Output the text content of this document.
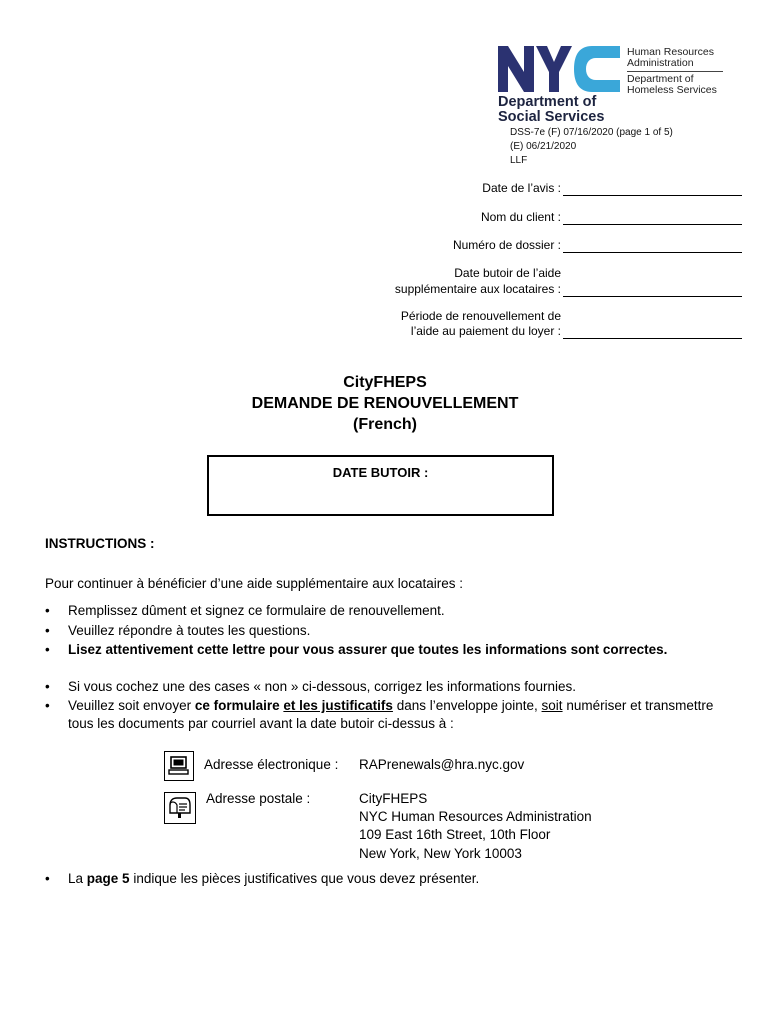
Human Resources
Administration
Department of
Homeless Services
Department of
Social Services
DSS-7e (F) 07/16/2020 (page 1 of 5)
(E) 06/21/2020
LLF
Date de l’avis :
Nom du client :
Numéro de dossier :
Date butoir de l’aide
supplémentaire aux locataires :
Période de renouvellement de
l’aide au paiement du loyer :
CityFHEPS
DEMANDE DE RENOUVELLEMENT
(French)
DATE BUTOIR :
INSTRUCTIONS :
Pour continuer à bénéficier d’une aide supplémentaire aux locataires :
•	Remplissez dûment et signez ce formulaire de renouvellement.
•	Veuillez répondre à toutes les questions.
•	Lisez attentivement cette lettre pour vous assurer que toutes les informations sont correctes.
•	Si vous cochez une des cases « non » ci-dessous, corrigez les informations fournies.
•	Veuillez soit envoyer ce formulaire et les justificatifs dans l’enveloppe jointe, soit numériser et transmettre tous les documents par courriel avant la date butoir ci-dessus à :
Adresse électronique : RAPrenewals@hra.nyc.gov
Adresse postale :	CityFHEPS
NYC Human Resources Administration
109 East 16th Street, 10th Floor
New York, New York 10003
•	La page 5 indique les pièces justificatives que vous devez présenter.
